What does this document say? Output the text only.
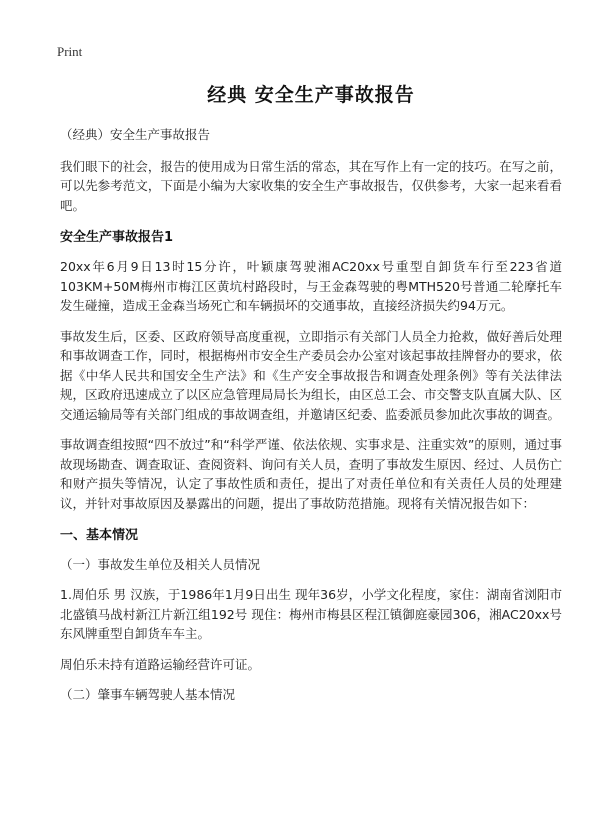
Print
经典 安全生产事故报告

（经典）安全生产事故报告

我们眼下的社会，报告的使用成为日常生活的常态，其在写作上有一定的技巧。在写之前，可以先参考范文，下面是小编为大家收集的安全生产事故报告，仅供参考，大家一起来看看吧。

安全生产事故报告1

20xx年6月9日13时15分许，叶颖康驾驶湘AC20xx号重型自卸货车行至223省道103KM+50M梅州市梅江区黄坑村路段时，与王金森驾驶的粤MTH520号普通二轮摩托车发生碰撞，造成王金森当场死亡和车辆损坏的交通事故，直接经济损失约94万元。

事故发生后，区委、区政府领导高度重视，立即指示有关部门人员全力抢救，做好善后处理和事故调查工作，同时，根据梅州市安全生产委员会办公室对该起事故挂牌督办的要求，依据《中华人民共和国安全生产法》和《生产安全事故报告和调查处理条例》等有关法律法规，区政府迅速成立了以区应急管理局局长为组长，由区总工会、市交警支队直属大队、区交通运输局等有关部门组成的事故调查组，并邀请区纪委、监委派员参加此次事故的调查。

事故调查组按照“四不放过”和“科学严谨、依法依规、实事求是、注重实效”的原则，通过事故现场勘查、调查取证、查阅资料、询问有关人员，查明了事故发生原因、经过、人员伤亡和财产损失等情况，认定了事故性质和责任，提出了对责任单位和有关责任人员的处理建议，并针对事故原因及暴露出的问题，提出了事故防范措施。现将有关情况报告如下：

一、基本情况
（一）事故发生单位及相关人员情况

1.周伯乐 男 汉族，于1986年1月9日出生 现年36岁，小学文化程度，家住：湖南省浏阳市北盛镇马战村新江片新江组192号 现住：梅州市梅县区程江镇御庭豪园306，湘AC20xx号东风牌重型自卸货车车主。

周伯乐未持有道路运输经营许可证。

（二）肇事车辆驾驶人基本情况
